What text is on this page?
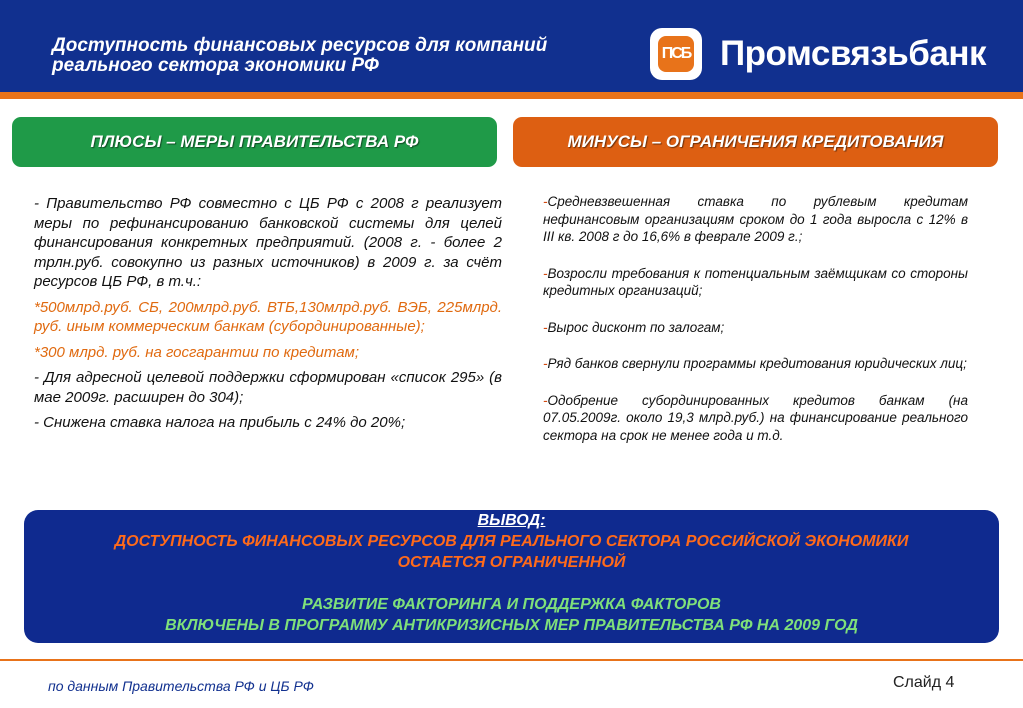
Доступность финансовых ресурсов для компаний
реального сектора экономики РФ
ПСБ Промсвязьбанк
ПЛЮСЫ – МЕРЫ ПРАВИТЕЛЬСТВА РФ	МИНУСЫ – ОГРАНИЧЕНИЯ КРЕДИТОВАНИЯ

- Правительство РФ совместно с ЦБ РФ с 2008 г реализует меры по рефинансированию банковской системы для целей финансирования конкретных предприятий. (2008 г. - более 2 трлн.руб. совокупно из разных источников) в 2009 г. за счёт ресурсов ЦБ РФ, в т.ч.:

*500млрд.руб. СБ, 200млрд.руб. ВТБ,130млрд.руб. ВЭБ, 225млрд. руб. иным коммерческим банкам (субординированные);

*300 млрд. руб. на госгарантии по кредитам;

- Для адресной целевой поддержки сформирован «список 295» (в мае 2009г. расширен до 304);

- Снижена ставка налога на прибыль с 24% до 20%;

-Средневзвешенная ставка по рублевым кредитам нефинансовым организациям сроком до 1 года выросла с 12% в III кв. 2008 г до 16,6% в феврале 2009 г.;

-Возросли требования к потенциальным заёмщикам со стороны кредитных организаций;

-Вырос дисконт по залогам;

-Ряд банков свернули программы кредитования юридических лиц;

-Одобрение субординированных кредитов банкам (на 07.05.2009г. около 19,3 млрд.руб.) на финансирование реального сектора на срок не менее года и т.д.

ВЫВОД:
ДОСТУПНОСТЬ ФИНАНСОВЫХ РЕСУРСОВ ДЛЯ РЕАЛЬНОГО СЕКТОРА РОССИЙСКОЙ ЭКОНОМИКИ
ОСТАЕТСЯ ОГРАНИЧЕННОЙ
РАЗВИТИЕ ФАКТОРИНГА И ПОДДЕРЖКА ФАКТОРОВ
ВКЛЮЧЕНЫ В ПРОГРАММУ АНТИКРИЗИСНЫХ МЕР ПРАВИТЕЛЬСТВА РФ НА 2009 ГОД
по данным Правительства РФ и ЦБ РФ	Слайд 4
